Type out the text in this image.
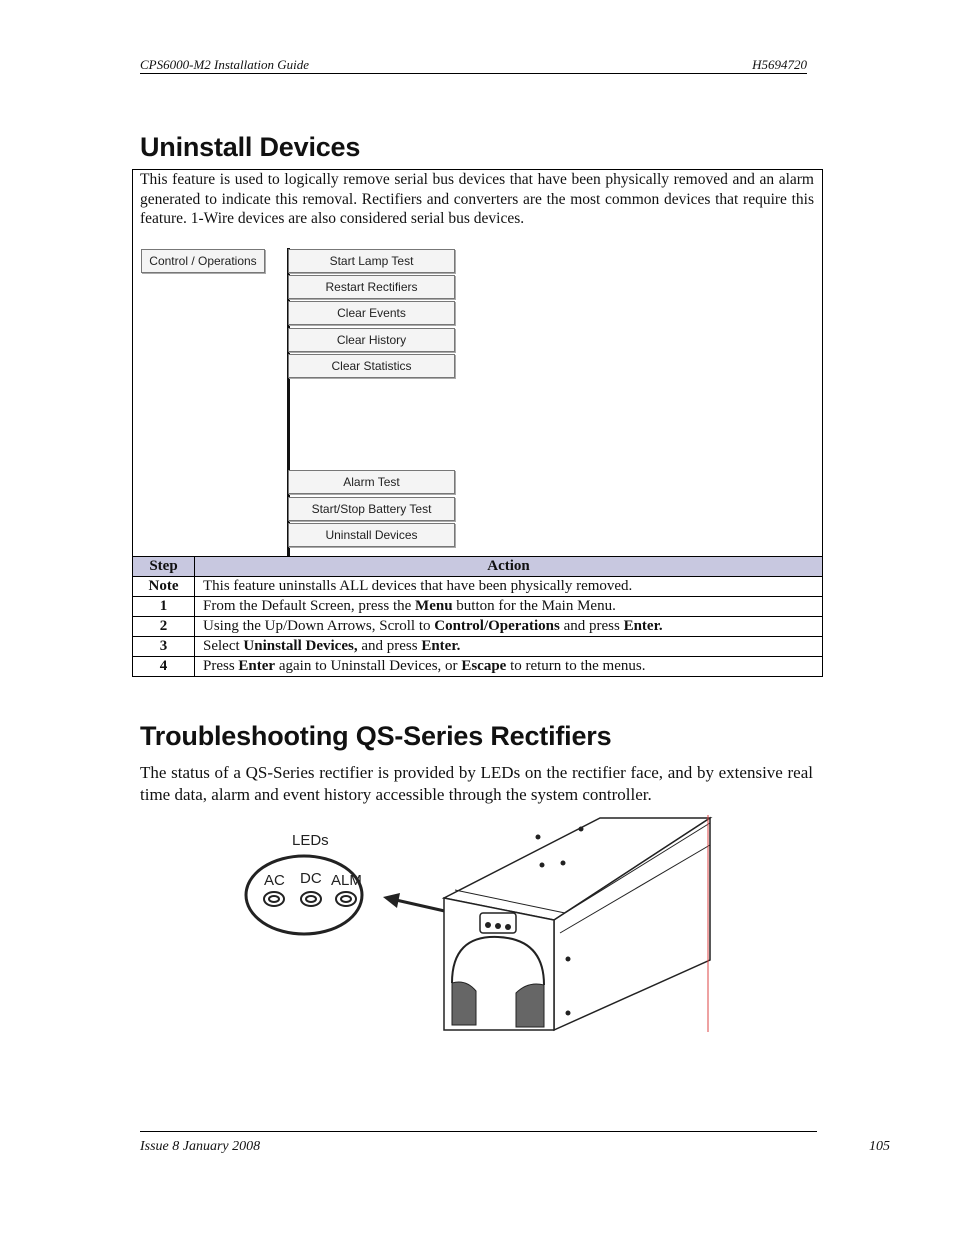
CPS6000-M2 Installation Guide	H5694720
Uninstall Devices
This feature is used to logically remove serial bus devices that have been physically removed and an alarm generated to indicate this removal. Rectifiers and converters are the most common devices that require this feature. 1-Wire devices are also considered serial bus devices.
Control / Operations	Start Lamp Test
Restart Rectifiers
Clear Events
Clear History
Clear Statistics
Alarm Test
Start/Stop Battery Test
Uninstall Devices
Step	Action
Note	This feature uninstalls ALL devices that have been physically removed.
1	From the Default Screen, press the Menu button for the Main Menu.
2	Using the Up/Down Arrows, Scroll to Control/Operations and press Enter.
3	Select Uninstall Devices, and press Enter.
4	Press Enter again to Uninstall Devices, or Escape to return to the menus.
Troubleshooting QS-Series Rectifiers
The status of a QS-Series rectifier is provided by LEDs on the rectifier face, and by extensive real time data, alarm and event history accessible through the system controller.
LEDs
AC DC ALM
Issue 8 January 2008	105
